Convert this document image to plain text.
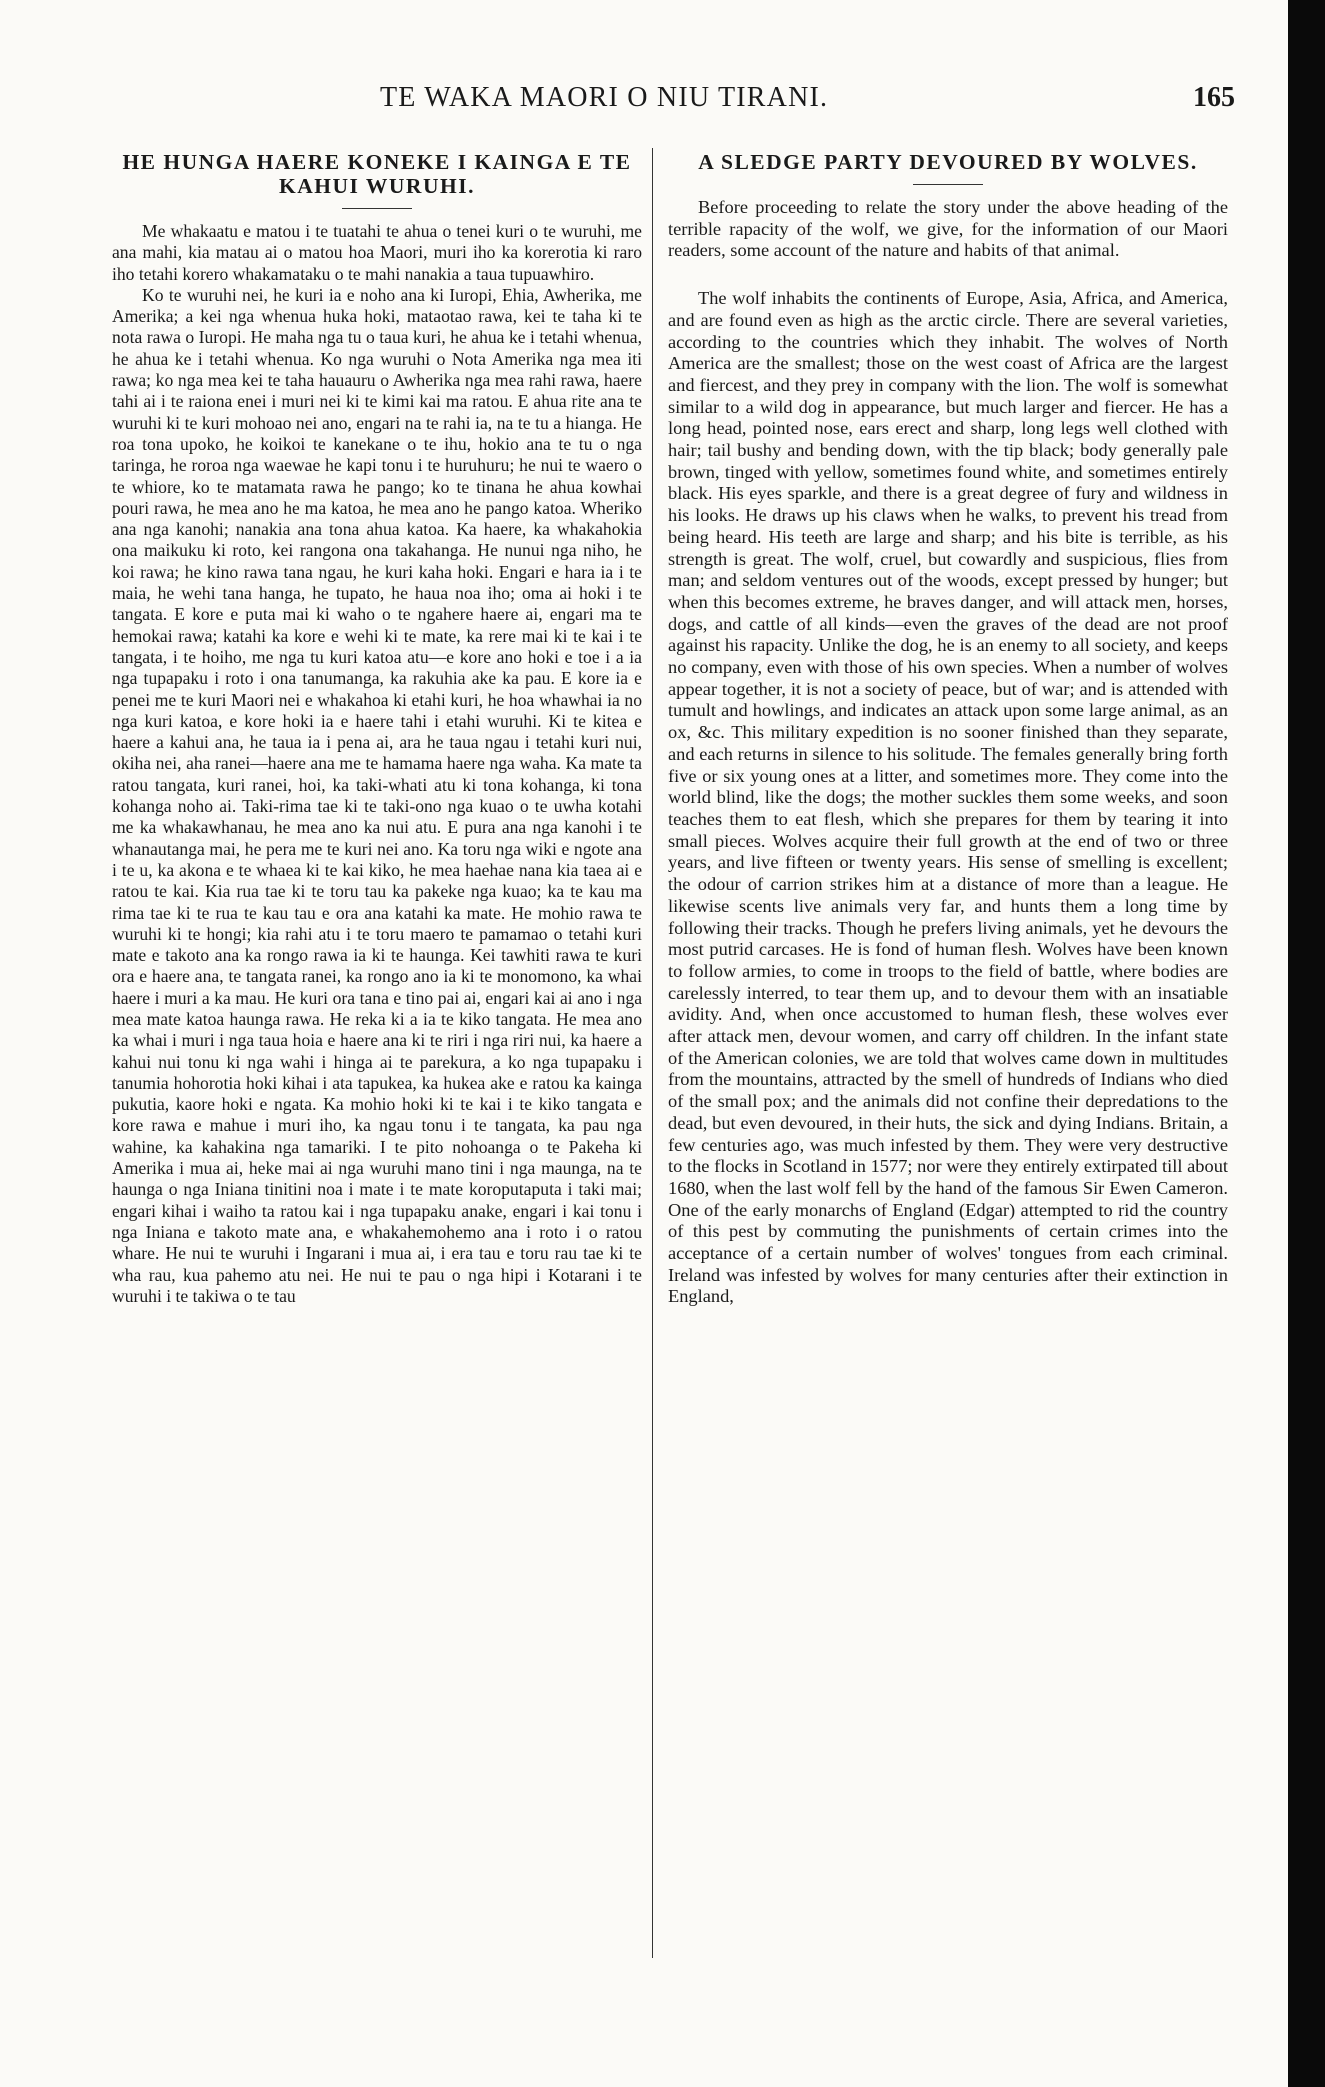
TE WAKA MAORI O NIU TIRANI.	165
HE HUNGA HAERE KONEKE I KAINGA E TE KAHUI WURUHI.

Me whakaatu e matou i te tuatahi te ahua o tenei kuri o te wuruhi, me ana mahi, kia matau ai o matou hoa Maori, muri iho ka korerotia ki raro iho tetahi korero whakamataku o te mahi nanakia a taua tupuawhiro.

Ko te wuruhi nei, he kuri ia e noho ana ki Iuropi, Ehia, Awherika, me Amerika; a kei nga whenua huka hoki, mataotao rawa, kei te taha ki te nota rawa o Iuropi. He maha nga tu o taua kuri, he ahua ke i tetahi whenua, he ahua ke i tetahi whenua. Ko nga wuruhi o Nota Amerika nga mea iti rawa; ko nga mea kei te taha hauauru o Awherika nga mea rahi rawa, haere tahi ai i te raiona enei i muri nei ki te kimi kai ma ratou. E ahua rite ana te wuruhi ki te kuri mohoao nei ano, engari na te rahi ia, na te tu a hianga. He roa tona upoko, he koikoi te kanekane o te ihu, hokio ana te tu o nga taringa, he roroa nga waewae he kapi tonu i te huruhuru; he nui te waero o te whiore, ko te matamata rawa he pango; ko te tinana he ahua kowhai pouri rawa, he mea ano he ma katoa, he mea ano he pango katoa. Wheriko ana nga kanohi; nanakia ana tona ahua katoa. Ka haere, ka whakahokia ona maikuku ki roto, kei rangona ona takahanga. He nunui nga niho, he koi rawa; he kino rawa tana ngau, he kuri kaha hoki. Engari e hara ia i te maia, he wehi tana hanga, he tupato, he haua noa iho; oma ai hoki i te tangata. E kore e puta mai ki waho o te ngahere haere ai, engari ma te hemokai rawa; katahi ka kore e wehi ki te mate, ka rere mai ki te kai i te tangata, i te hoiho, me nga tu kuri katoa atu—e kore ano hoki e toe i a ia nga tupapaku i roto i ona tanumanga, ka rakuhia ake ka pau. E kore ia e penei me te kuri Maori nei e whakahoa ki etahi kuri, he hoa whawhai ia no nga kuri katoa, e kore hoki ia e haere tahi i etahi wuruhi. Ki te kitea e haere a kahui ana, he taua ia i pena ai, ara he taua ngau i tetahi kuri nui, okiha nei, aha ranei—haere ana me te hamama haere nga waha. Ka mate ta ratou tangata, kuri ranei, hoi, ka taki-whati atu ki tona kohanga, ki tona kohanga noho ai. Taki-rima tae ki te taki-ono nga kuao o te uwha kotahi me ka whakawhanau, he mea ano ka nui atu. E pura ana nga kanohi i te whanautanga mai, he pera me te kuri nei ano. Ka toru nga wiki e ngote ana i te u, ka akona e te whaea ki te kai kiko, he mea haehae nana kia taea ai e ratou te kai. Kia rua tae ki te toru tau ka pakeke nga kuao; ka te kau ma rima tae ki te rua te kau tau e ora ana katahi ka mate. He mohio rawa te wuruhi ki te hongi; kia rahi atu i te toru maero te pamamao o tetahi kuri mate e takoto ana ka rongo rawa ia ki te haunga. Kei tawhiti rawa te kuri ora e haere ana, te tangata ranei, ka rongo ano ia ki te monomono, ka whai haere i muri a ka mau. He kuri ora tana e tino pai ai, engari kai ai ano i nga mea mate katoa haunga rawa. He reka ki a ia te kiko tangata. He mea ano ka whai i muri i nga taua hoia e haere ana ki te riri i nga riri nui, ka haere a kahui nui tonu ki nga wahi i hinga ai te parekura, a ko nga tupapaku i tanumia hohorotia hoki kihai i ata tapukea, ka hukea ake e ratou ka kainga pukutia, kaore hoki e ngata. Ka mohio hoki ki te kai i te kiko tangata e kore rawa e mahue i muri iho, ka ngau tonu i te tangata, ka pau nga wahine, ka kahakina nga tamariki. I te pito nohoanga o te Pakeha ki Amerika i mua ai, heke mai ai nga wuruhi mano tini i nga maunga, na te haunga o nga Iniana tinitini noa i mate i te mate koroputaputa i taki mai; engari kihai i waiho ta ratou kai i nga tupapaku anake, engari i kai tonu i nga Iniana e takoto mate ana, e whakahemohemo ana i roto i o ratou whare. He nui te wuruhi i Ingarani i mua ai, i era tau e toru rau tae ki te wha rau, kua pahemo atu nei. He nui te pau o nga hipi i Kotarani i te wuruhi i te takiwa o te tau

A SLEDGE PARTY DEVOURED BY WOLVES.

Before proceeding to relate the story under the above heading of the terrible rapacity of the wolf, we give, for the information of our Maori readers, some account of the nature and habits of that animal.

The wolf inhabits the continents of Europe, Asia, Africa, and America, and are found even as high as the arctic circle. There are several varieties, according to the countries which they inhabit. The wolves of North America are the smallest; those on the west coast of Africa are the largest and fiercest, and they prey in company with the lion. The wolf is somewhat similar to a wild dog in appearance, but much larger and fiercer. He has a long head, pointed nose, ears erect and sharp, long legs well clothed with hair; tail bushy and bending down, with the tip black; body generally pale brown, tinged with yellow, sometimes found white, and sometimes entirely black. His eyes sparkle, and there is a great degree of fury and wildness in his looks. He draws up his claws when he walks, to prevent his tread from being heard. His teeth are large and sharp; and his bite is terrible, as his strength is great. The wolf, cruel, but cowardly and suspicious, flies from man; and seldom ventures out of the woods, except pressed by hunger; but when this becomes extreme, he braves danger, and will attack men, horses, dogs, and cattle of all kinds—even the graves of the dead are not proof against his rapacity. Unlike the dog, he is an enemy to all society, and keeps no company, even with those of his own species. When a number of wolves appear together, it is not a society of peace, but of war; and is attended with tumult and howlings, and indicates an attack upon some large animal, as an ox, &c. This military expedition is no sooner finished than they separate, and each returns in silence to his solitude. The females generally bring forth five or six young ones at a litter, and sometimes more. They come into the world blind, like the dogs; the mother suckles them some weeks, and soon teaches them to eat flesh, which she prepares for them by tearing it into small pieces. Wolves acquire their full growth at the end of two or three years, and live fifteen or twenty years. His sense of smelling is excellent; the odour of carrion strikes him at a distance of more than a league. He likewise scents live animals very far, and hunts them a long time by following their tracks. Though he prefers living animals, yet he devours the most putrid carcases. He is fond of human flesh. Wolves have been known to follow armies, to come in troops to the field of battle, where bodies are carelessly interred, to tear them up, and to devour them with an insatiable avidity. And, when once accustomed to human flesh, these wolves ever after attack men, devour women, and carry off children. In the infant state of the American colonies, we are told that wolves came down in multitudes from the mountains, attracted by the smell of hundreds of Indians who died of the small pox; and the animals did not confine their depredations to the dead, but even devoured, in their huts, the sick and dying Indians. Britain, a few centuries ago, was much infested by them. They were very destructive to the flocks in Scotland in 1577; nor were they entirely extirpated till about 1680, when the last wolf fell by the hand of the famous Sir Ewen Cameron. One of the early monarchs of England (Edgar) attempted to rid the country of this pest by commuting the punishments of certain crimes into the acceptance of a certain number of wolves' tongues from each criminal. Ireland was infested by wolves for many centuries after their extinction in England,
